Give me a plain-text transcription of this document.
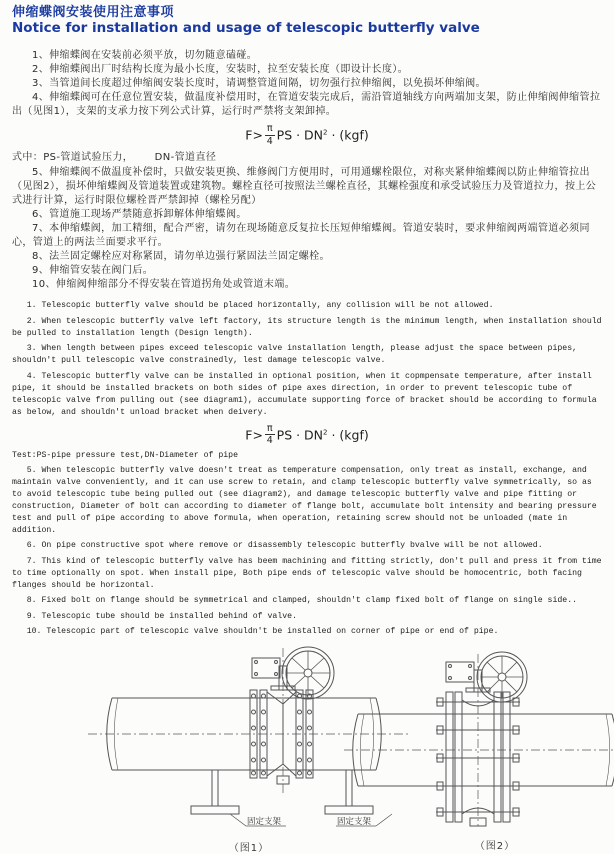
伸缩蝶阀安装使用注意事项
Notice for installation and usage of telescopic butterfly valve

1、伸缩蝶阀在安装前必须平放，切勿随意磕碰。

2、伸缩蝶阀出厂时结构长度为最小长度，安装时，拉至安装长度（即设计长度）。

3、当管道间长度超过伸缩阀安装长度时，请调整管道间隔，切勿强行拉伸缩阀，以免损坏伸缩阀。

4、伸缩蝶阀可在任意位置安装，做温度补偿用时，在管道安装完成后，需沿管道轴线方向两端加支架，防止伸缩阀伸缩管拉出（见图1），支架的支承力按下列公式计算，运行时严禁将支架卸掉。

$F> \frac{\pi}{4}$ PS · $DN^2 \cdot (kgf)$

式中：PS-管道试验压力，      DN-管道直径

5、伸缩蝶阀不做温度补偿时，只做安装更换、维修阀门方便用时，可用通螺栓限位，对称夹紧伸缩蝶阀以防止伸缩管拉出（见图2），损坏伸缩蝶阀及管道装置或建筑物。螺栓直径可按照法兰螺栓直径，其螺栓强度和承受试验压力及管道拉力，按上公式进行计算，运行时限位螺栓晋严禁卸掉（螺栓另配）

6、管道施工现场严禁随意拆卸解体伸缩蝶阀。

7、本伸缩蝶阀，加工精细，配合严密，请勿在现场随意反复拉长压短伸缩蝶阀。管道安装时，要求伸缩阀两端管道必须同心，管道上的两法兰面要求平行。

8、法兰固定螺栓应对称紧固，请勿单边强行紧固法兰固定螺栓。

9、伸缩管安装在阀门后。

10、伸缩阀伸缩部分不得安装在管道拐角处或管道末端。

1. Telescopic butterfly valve should be placed horizontally, any collision will be not allowed.

2. When telescopic butterfly valve left factory, its structure length is the minimum length, when installation should be pulled to installation length (Design length).

3. When length between pipes exceed telescopic valve installation length, please adjust the space between pipes, shouldn't pull telescopic valve constrainedly, lest damage telescopic valve.

4. Telescopic butterfly valve can be installed in optional position, when it copmpensate temperature, after install pipe, it should be installed brackets on both sides of pipe axes direction, in order to prevent telescopic tube of telescopic valve from pulling out (see diagram1), accumulate supporting force of bracket should be according to formula as below, and shouldn't unload bracket when deivery.

$F> \frac{\pi}{4}$ PS · $DN^2 \cdot (kgf)$

Test:PS-pipe pressure test,DN-Diameter of pipe

5. When telescopic butterfly valve doesn't treat as temperature compensation, only treat as install, exchange, and maintain valve conveniently, and it can use screw to retain, and clamp telescopic butterfly valve symmetrically, so as to avoid telescopic tube being pulled out (see diagram2), and damage telescopic butterfly valve and pipe fitting or construction, Diameter of bolt can according to diameter of flange bolt, accumulate bolt intensity and bearing pressure test and pull of pipe according to above formula, when operation, retaining screw should not be unloaded (mate in addition.

6. On pipe constructive spot where remove or disassembly telescopic butterfly bvalve will be not allowed.

7. This kind of telescopic butterfly valve has beem machining and fitting strictly, don't pull and press it from time to time optionally on spot. When install pipe, Both pipe ends of telescopic valve should be homocentric, both facing flanges should be horizontal.

8. Fixed bolt on flange should be symmetrical and clamped, shouldn't clamp fixed bolt of flange on single side..

9. Telescopic tube should be installed behind of valve.

10. Telescopic part of telescopic valve shouldn't be installed on corner of pipe or end of pipe.

固定支架	固定支架
（图1）	（图2）
